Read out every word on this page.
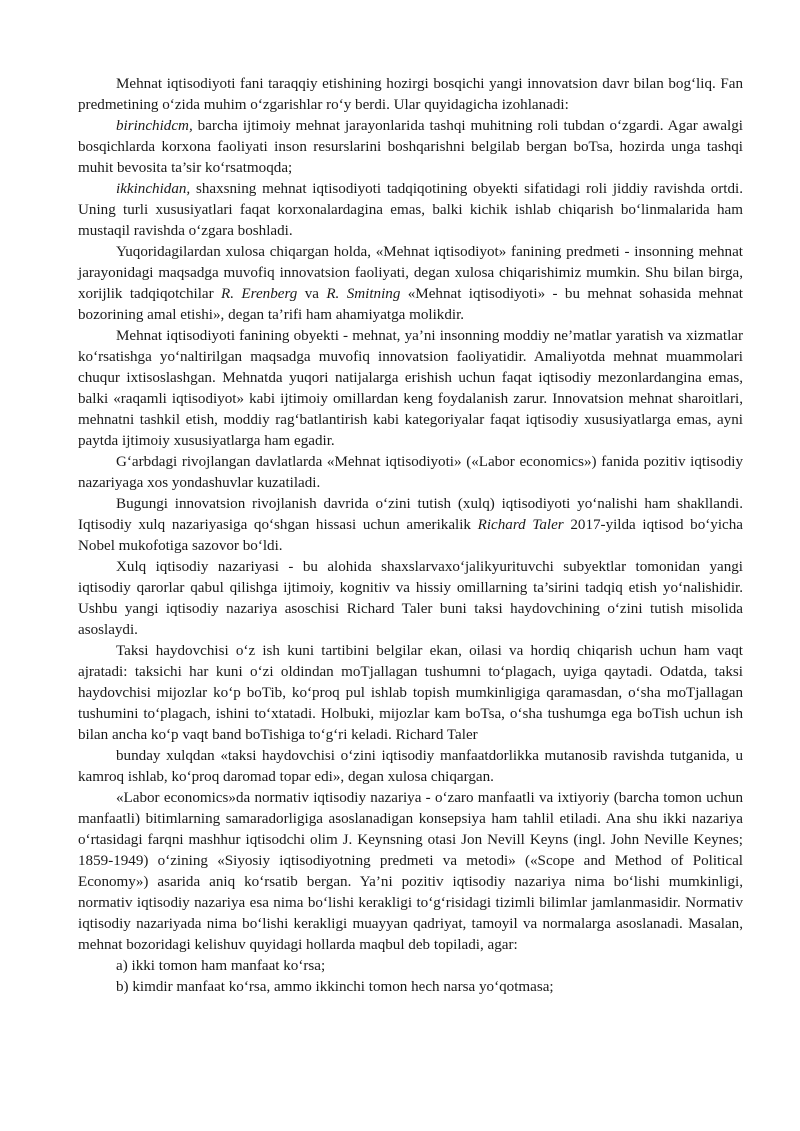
Mehnat iqtisodiyoti fani taraqqiy etishining hozirgi bosqichi yangi innovatsion davr bilan bog‘liq. Fan predmetining o‘zida muhim o‘zgarishlar ro‘y berdi. Ular quyidagicha izohlanadi:

birinchidcm, barcha ijtimoiy mehnat jarayonlarida tashqi muhitning roli tubdan o‘zgardi. Agar awalgi bosqichlarda korxona faoliyati inson resurslarini boshqarishni belgilab bergan boTsa, hozirda unga tashqi muhit bevosita ta’sir ko‘rsatmoqda;

ikkinchidan, shaxsning mehnat iqtisodiyoti tadqiqotining obyekti sifatidagi roli jiddiy ravishda ortdi. Uning turli xususiyatlari faqat korxonalardagina emas, balki kichik ishlab chiqarish bo‘linmalarida ham mustaqil ravishda o‘zgara boshladi.

Yuqoridagilardan xulosa chiqargan holda, «Mehnat iqtisodiyot» fanining predmeti - insonning mehnat jarayonidagi maqsadga muvofiq innovatsion faoliyati, degan xulosa chiqarishimiz mumkin. Shu bilan birga, xorijlik tadqiqotchilar R. Erenberg va R. Smitning «Mehnat iqtisodiyoti» - bu mehnat sohasida mehnat bozorining amal etishi», degan ta’rifi ham ahamiyatga molikdir.

Mehnat iqtisodiyoti fanining obyekti - mehnat, ya’ni insonning moddiy ne’matlar yaratish va xizmatlar ko‘rsatishga yo‘naltirilgan maqsadga muvofiq innovatsion faoliyatidir. Amaliyotda mehnat muammolari chuqur ixtisoslashgan. Mehnatda yuqori natijalarga erishish uchun faqat iqtisodiy mezonlardangina emas, balki «raqamli iqtisodiyot» kabi ijtimoiy omillardan keng foydalanish zarur. Innovatsion mehnat sharoitlari, mehnatni tashkil etish, moddiy rag‘batlantirish kabi kategoriyalar faqat iqtisodiy xususiyatlarga emas, ayni paytda ijtimoiy xususiyatlarga ham egadir.

G‘arbdagi rivojlangan davlatlarda «Mehnat iqtisodiyoti» («Labor economics») fanida pozitiv iqtisodiy nazariyaga xos yondashuvlar kuzatiladi.

Bugungi innovatsion rivojlanish davrida o‘zini tutish (xulq) iqtisodiyoti yo‘nalishi ham shakllandi. Iqtisodiy xulq nazariyasiga qo‘shgan hissasi uchun amerikalik Richard Taler 2017-yilda iqtisod bo‘yicha Nobel mukofotiga sazovor bo‘ldi.

Xulq iqtisodiy nazariyasi - bu alohida shaxslarvaxo‘jalikyurituvchi subyektlar tomonidan yangi iqtisodiy qarorlar qabul qilishga ijtimoiy, kognitiv va hissiy omillarning ta’sirini tadqiq etish yo‘nalishidir. Ushbu yangi iqtisodiy nazariya asoschisi Richard Taler buni taksi haydovchining o‘zini tutish misolida asoslaydi.

Taksi haydovchisi o‘z ish kuni tartibini belgilar ekan, oilasi va hordiq chiqarish uchun ham vaqt ajratadi: taksichi har kuni o‘zi oldindan moTjallagan tushumni to‘plagach, uyiga qaytadi. Odatda, taksi haydovchisi mijozlar ko‘p boTib, ko‘proq pul ishlab topish mumkinligiga qaramasdan, o‘sha moTjallagan tushumini to‘plagach, ishini to‘xtatadi. Holbuki, mijozlar kam boTsa, o‘sha tushumga ega boTish uchun ish bilan ancha ko‘p vaqt band boTishiga to‘g‘ri keladi. Richard Taler

bunday xulqdan «taksi haydovchisi o‘zini iqtisodiy manfaatdorlikka mutanosib ravishda tutganida, u kamroq ishlab, ko‘proq daromad topar edi», degan xulosa chiqargan.

«Labor economics»da normativ iqtisodiy nazariya - o‘zaro manfaatli va ixtiyoriy (barcha tomon uchun manfaatli) bitimlarning samaradorligiga asoslanadigan konsepsiya ham tahlil etiladi. Ana shu ikki nazariya o‘rtasidagi farqni mashhur iqtisodchi olim J. Keynsning otasi Jon Nevill Keyns (ingl. John Neville Keynes; 1859-1949) o‘zining «Siyosiy iqtisodiyotning predmeti va metodi» («Scope and Method of Political Economy») asarida aniq ko‘rsatib bergan. Ya’ni pozitiv iqtisodiy nazariya nima bo‘lishi mumkinligi, normativ iqtisodiy nazariya esa nima bo‘lishi kerakligi to‘g‘risidagi tizimli bilimlar jamlanmasidir. Normativ iqtisodiy nazariyada nima bo‘lishi kerakligi muayyan qadriyat, tamoyil va normalarga asoslanadi. Masalan, mehnat bozoridagi kelishuv quyidagi hollarda maqbul deb topiladi, agar:

a) ikki tomon ham manfaat ko‘rsa;

b) kimdir manfaat ko‘rsa, ammo ikkinchi tomon hech narsa yo‘qotmasa;
